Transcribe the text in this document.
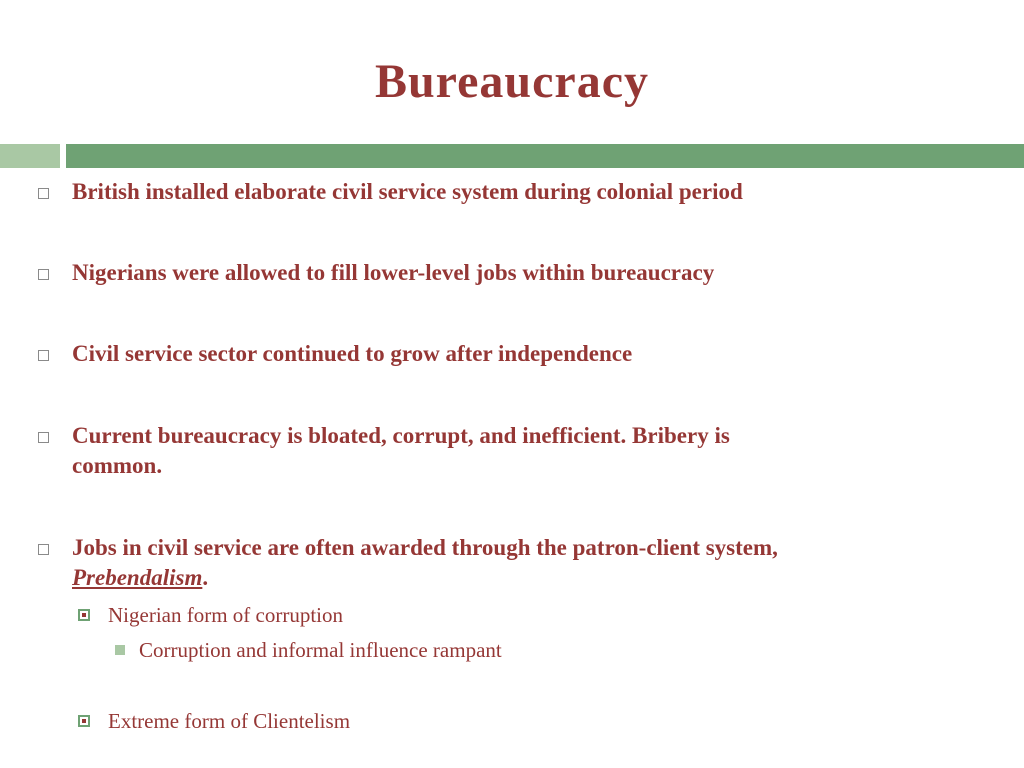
Bureaucracy
British installed elaborate civil service system during colonial period
Nigerians were allowed to fill lower-level jobs within bureaucracy
Civil service sector continued to grow after independence
Current bureaucracy is bloated, corrupt, and inefficient. Bribery is
common.
Jobs in civil service are often awarded through the patron-client system,
Prebendalism.
Nigerian form of corruption
Corruption and informal influence rampant
Extreme form of Clientelism
